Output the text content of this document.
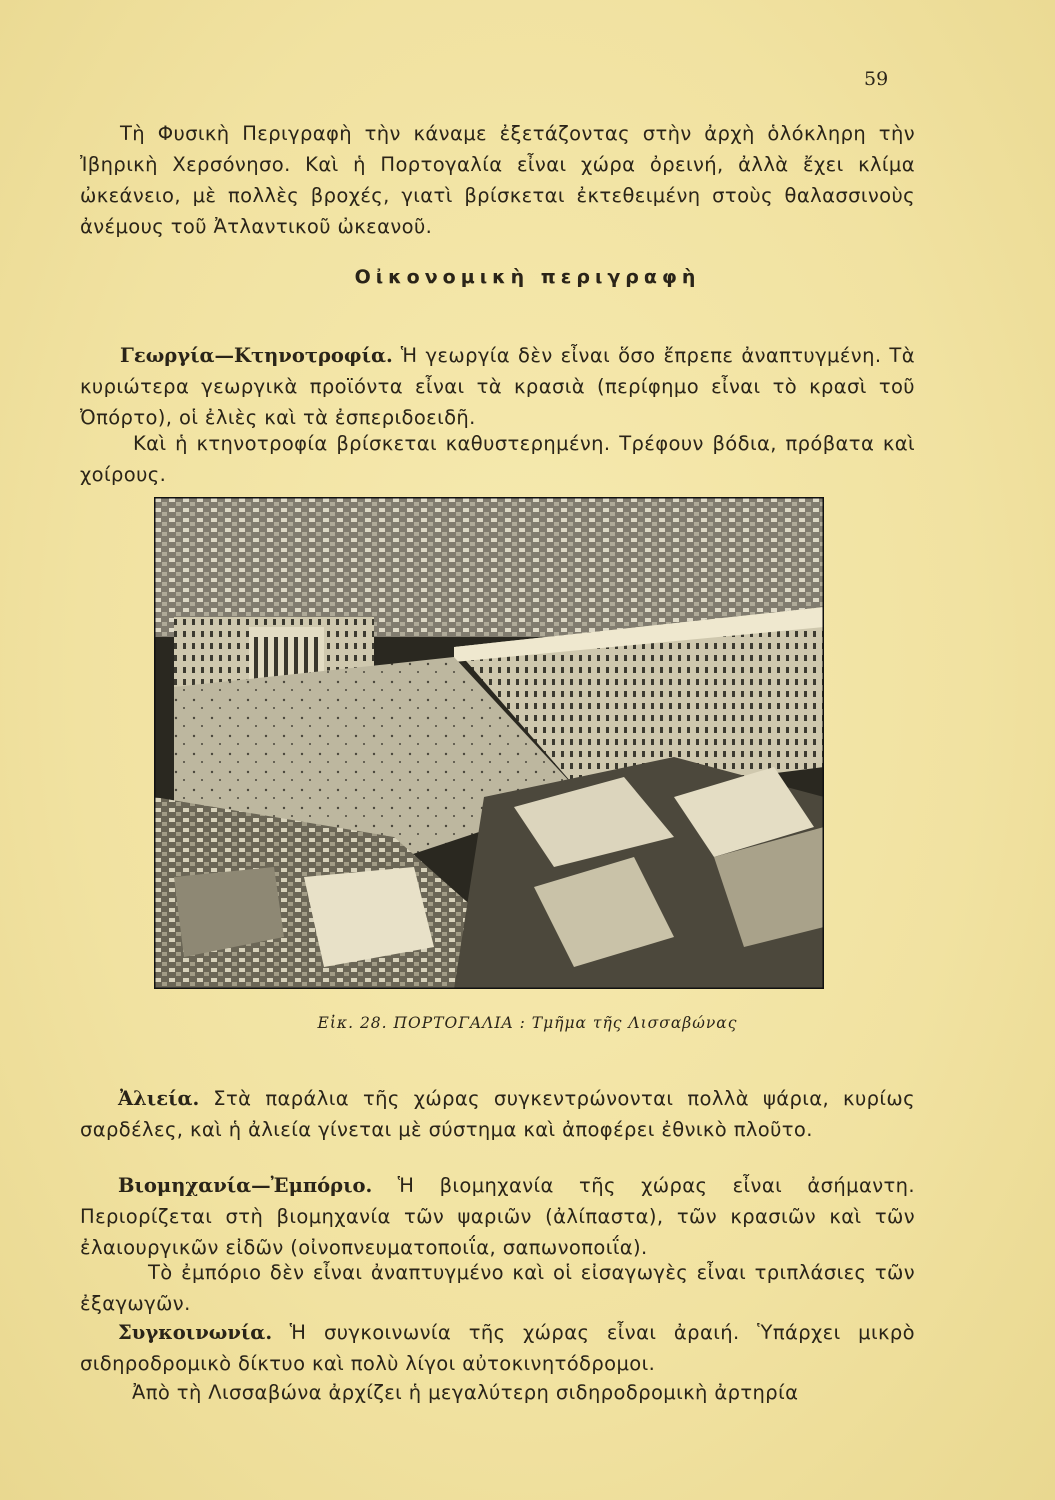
59

Τὴ Φυσικὴ Περιγραφὴ τὴν κάναμε ἐξετάζοντας στὴν ἀρχὴ ὁλόκληρη τὴν Ἰβηρικὴ Χερσόνησο. Καὶ ἡ Πορτογαλία εἶναι χώρα ὀρεινή, ἀλλὰ ἔχει κλίμα ὠκεάνειο, μὲ πολλὲς βροχές, γιατὶ βρίσκεται ἐκτεθειμένη στοὺς θαλασσινοὺς ἀνέμους τοῦ Ἀτλαντικοῦ ὠκεανοῦ.

Οἰκονομικὴ περιγραφὴ

Γεωργία—Κτηνοτροφία. Ἡ γεωργία δὲν εἶναι ὅσο ἔπρεπε ἀναπτυγμένη. Τὰ κυριώτερα γεωργικὰ προϊόντα εἶναι τὰ κρασιὰ (περίφημο εἶναι τὸ κρασὶ τοῦ Ὀπόρτο), οἱ ἐλιὲς καὶ τὰ ἐσπεριδοειδῆ.

Καὶ ἡ κτηνοτροφία βρίσκεται καθυστερημένη. Τρέφουν βόδια, πρόβατα καὶ χοίρους.

Εἰκ. 28. ΠΟΡΤΟΓΑΛΙΑ : Τμῆμα τῆς Λισσαβώνας

Ἀλιεία. Στὰ παράλια τῆς χώρας συγκεντρώνονται πολλὰ ψάρια, κυρίως σαρδέλες, καὶ ἡ ἀλιεία γίνεται μὲ σύστημα καὶ ἀποφέρει ἐθνικὸ πλοῦτο.

Βιομηχανία—Ἐμπόριο. Ἡ βιομηχανία τῆς χώρας εἶναι ἀσήμαντη. Περιορίζεται στὴ βιομηχανία τῶν ψαριῶν (ἀλίπαστα), τῶν κρασιῶν καὶ τῶν ἐλαιουργικῶν εἰδῶν (οἰνοπνευματοποιΐα, σαπωνοποιΐα).

Τὸ ἐμπόριο δὲν εἶναι ἀναπτυγμένο καὶ οἱ εἰσαγωγὲς εἶναι τριπλάσιες τῶν ἐξαγωγῶν.

Συγκοινωνία. Ἡ συγκοινωνία τῆς χώρας εἶναι ἀραιή. Ὑπάρχει μικρὸ σιδηροδρομικὸ δίκτυο καὶ πολὺ λίγοι αὐτοκινητόδρομοι.

Ἀπὸ τὴ Λισσαβώνα ἀρχίζει ἡ μεγαλύτερη σιδηροδρομικὴ ἀρτηρία
